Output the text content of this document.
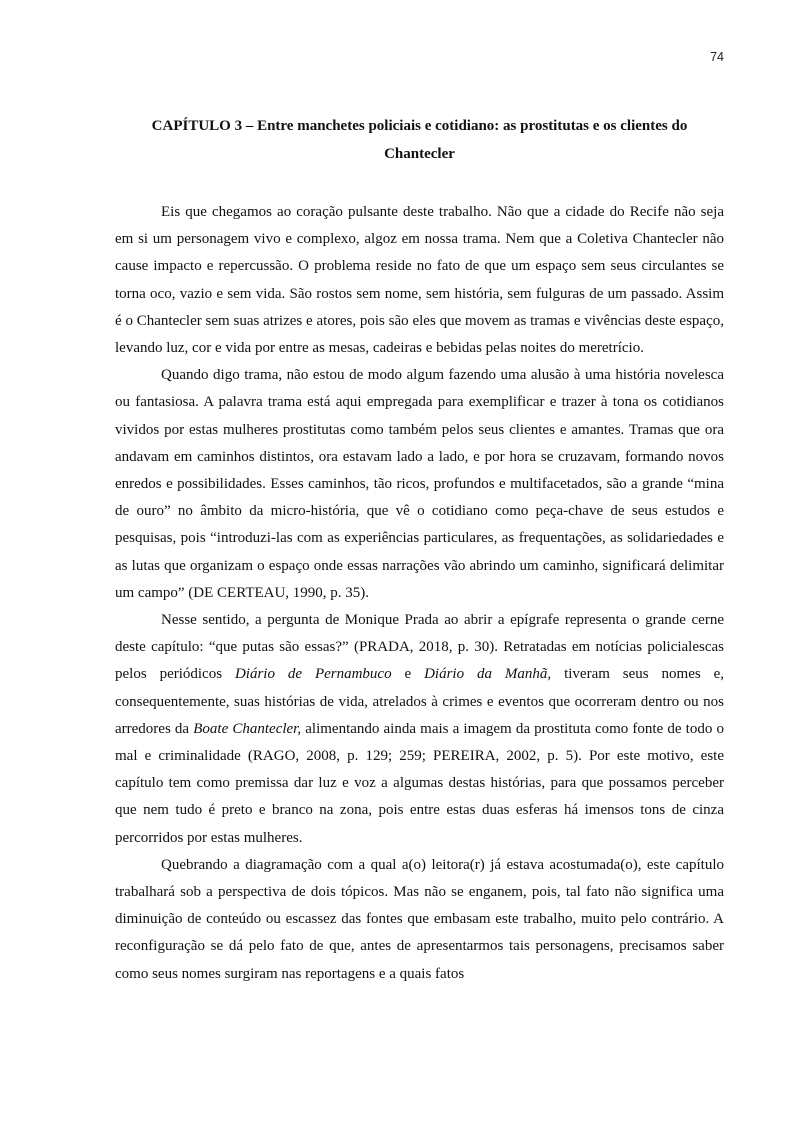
74
CAPÍTULO 3 – Entre manchetes policiais e cotidiano: as prostitutas e os clientes do
Chantecler

Eis que chegamos ao coração pulsante deste trabalho. Não que a cidade do Recife não seja em si um personagem vivo e complexo, algoz em nossa trama. Nem que a Coletiva Chantecler não cause impacto e repercussão. O problema reside no fato de que um espaço sem seus circulantes se torna oco, vazio e sem vida. São rostos sem nome, sem história, sem fulguras de um passado. Assim é o Chantecler sem suas atrizes e atores, pois são eles que movem as tramas e vivências deste espaço, levando luz, cor e vida por entre as mesas, cadeiras e bebidas pelas noites do meretrício.

Quando digo trama, não estou de modo algum fazendo uma alusão à uma história novelesca ou fantasiosa. A palavra trama está aqui empregada para exemplificar e trazer à tona os cotidianos vividos por estas mulheres prostitutas como também pelos seus clientes e amantes. Tramas que ora andavam em caminhos distintos, ora estavam lado a lado, e por hora se cruzavam, formando novos enredos e possibilidades. Esses caminhos, tão ricos, profundos e multifacetados, são a grande “mina de ouro” no âmbito da micro-história, que vê o cotidiano como peça-chave de seus estudos e pesquisas, pois “introduzi-las com as experiências particulares, as frequentações, as solidariedades e as lutas que organizam o espaço onde essas narrações vão abrindo um caminho, significará delimitar um campo” (DE CERTEAU, 1990, p. 35).

Nesse sentido, a pergunta de Monique Prada ao abrir a epígrafe representa o grande cerne deste capítulo: “que putas são essas?” (PRADA, 2018, p. 30). Retratadas em notícias policialescas pelos periódicos Diário de Pernambuco e Diário da Manhã, tiveram seus nomes e, consequentemente, suas histórias de vida, atrelados à crimes e eventos que ocorreram dentro ou nos arredores da Boate Chantecler, alimentando ainda mais a imagem da prostituta como fonte de todo o mal e criminalidade (RAGO, 2008, p. 129; 259; PEREIRA, 2002, p. 5). Por este motivo, este capítulo tem como premissa dar luz e voz a algumas destas histórias, para que possamos perceber que nem tudo é preto e branco na zona, pois entre estas duas esferas há imensos tons de cinza percorridos por estas mulheres.

Quebrando a diagramação com a qual a(o) leitora(r) já estava acostumada(o), este capítulo trabalhará sob a perspectiva de dois tópicos. Mas não se enganem, pois, tal fato não significa uma diminuição de conteúdo ou escassez das fontes que embasam este trabalho, muito pelo contrário. A reconfiguração se dá pelo fato de que, antes de apresentarmos tais personagens, precisamos saber como seus nomes surgiram nas reportagens e a quais fatos
